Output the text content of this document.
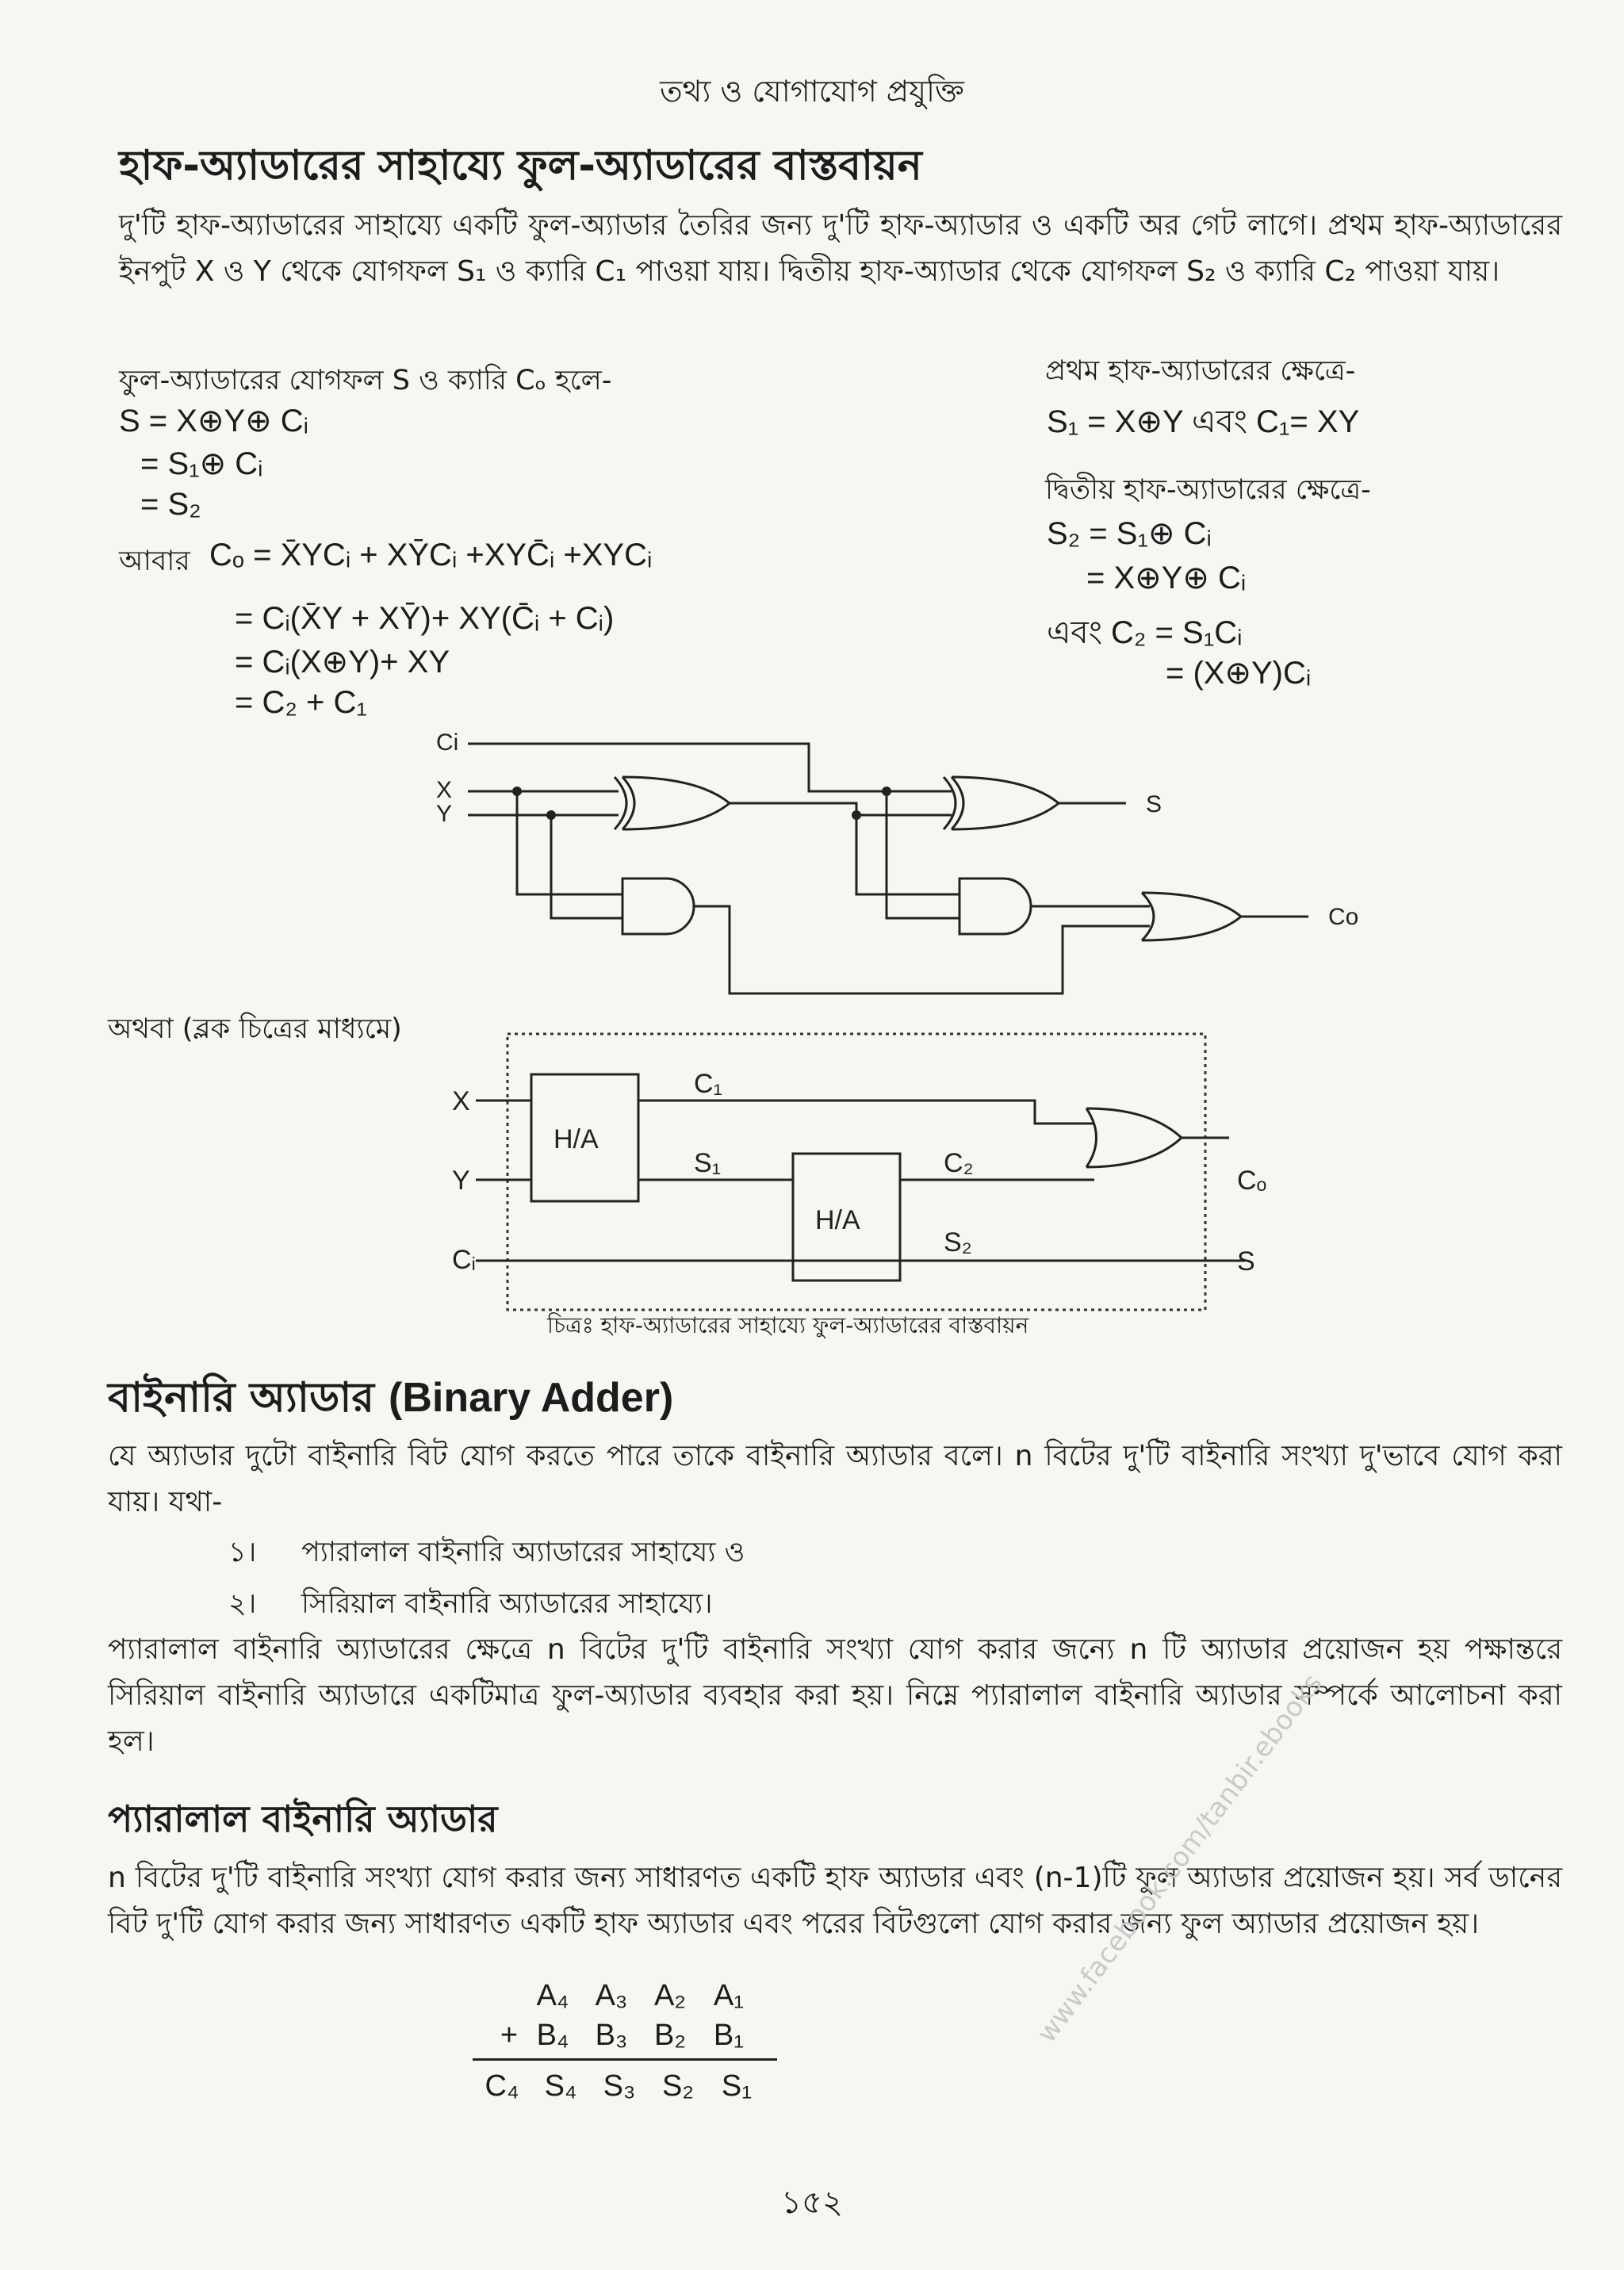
তথ্য ও যোগাযোগ প্রযুক্তি
হাফ-অ্যাডারের সাহায্যে ফুল-অ্যাডারের বাস্তবায়ন
দু'টি হাফ-অ্যাডারের সাহায্যে একটি ফুল-অ্যাডার তৈরির জন্য দু'টি হাফ-অ্যাডার ও একটি অর গেট লাগে। প্রথম হাফ-অ্যাডারের ইনপুট X ও Y থেকে যোগফল S₁ ও ক্যারি C₁ পাওয়া যায়। দ্বিতীয় হাফ-অ্যাডার থেকে যোগফল S₂ ও ক্যারি C₂ পাওয়া যায়।
ফুল-অ্যাডারের যোগফল S ও ক্যারি Cₒ হলে-
S = X⊕Y⊕ Cᵢ
= S₁⊕ Cᵢ
= S₂
আবার Cₒ = X̄YCᵢ + XȲCᵢ +XYC̄ᵢ +XYCᵢ
= Cᵢ(X̄Y + XȲ)+ XY(C̄ᵢ + Cᵢ)
= Cᵢ(X⊕Y)+ XY
= C₂ + C₁
প্রথম হাফ-অ্যাডারের ক্ষেত্রে-
S₁ = X⊕Y এবং C₁= XY
দ্বিতীয় হাফ-অ্যাডারের ক্ষেত্রে-
S₂ = S₁⊕ Cᵢ
= X⊕Y⊕ Cᵢ
এবং C₂ = S₁Cᵢ
= (X⊕Y)Cᵢ
Ci
X
Y	S
Co
অথবা (ব্লক চিত্রের মাধ্যমে)
H/A
H/A
X
Y
Cᵢ
C₁
S₁	C₂
S₂
Cₒ
S
চিত্রঃ হাফ-অ্যাডারের সাহায্যে ফুল-অ্যাডারের বাস্তবায়ন
বাইনারি অ্যাডার (Binary Adder)
যে অ্যাডার দুটো বাইনারি বিট যোগ করতে পারে তাকে বাইনারি অ্যাডার বলে। n বিটের দু'টি বাইনারি সংখ্যা দু'ভাবে যোগ করা যায়। যথা-
১। প্যারালাল বাইনারি অ্যাডারের সাহায্যে ও
২। সিরিয়াল বাইনারি অ্যাডারের সাহায্যে।
প্যারালাল বাইনারি অ্যাডারের ক্ষেত্রে n বিটের দু'টি বাইনারি সংখ্যা যোগ করার জন্যে n টি অ্যাডার প্রয়োজন হয় পক্ষান্তরে সিরিয়াল বাইনারি অ্যাডারে একটিমাত্র ফুল-অ্যাডার ব্যবহার করা হয়। নিম্নে প্যারালাল বাইনারি অ্যাডার সম্পর্কে আলোচনা করা হল।
প্যারালাল বাইনারি অ্যাডার
n বিটের দু'টি বাইনারি সংখ্যা যোগ করার জন্য সাধারণত একটি হাফ অ্যাডার এবং (n-1)টি ফুল অ্যাডার প্রয়োজন হয়। সর্ব ডানের বিট দু'টি যোগ করার জন্য সাধারণত একটি হাফ অ্যাডার এবং পরের বিটগুলো যোগ করার জন্য ফুল অ্যাডার প্রয়োজন হয়।
A₄ A₃ A₂ A₁
+ B₄ B₃ B₂ B₁
C₄ S₄ S₃ S₂ S₁
www.facebook.com/tanbir.ebooks
১৫২
